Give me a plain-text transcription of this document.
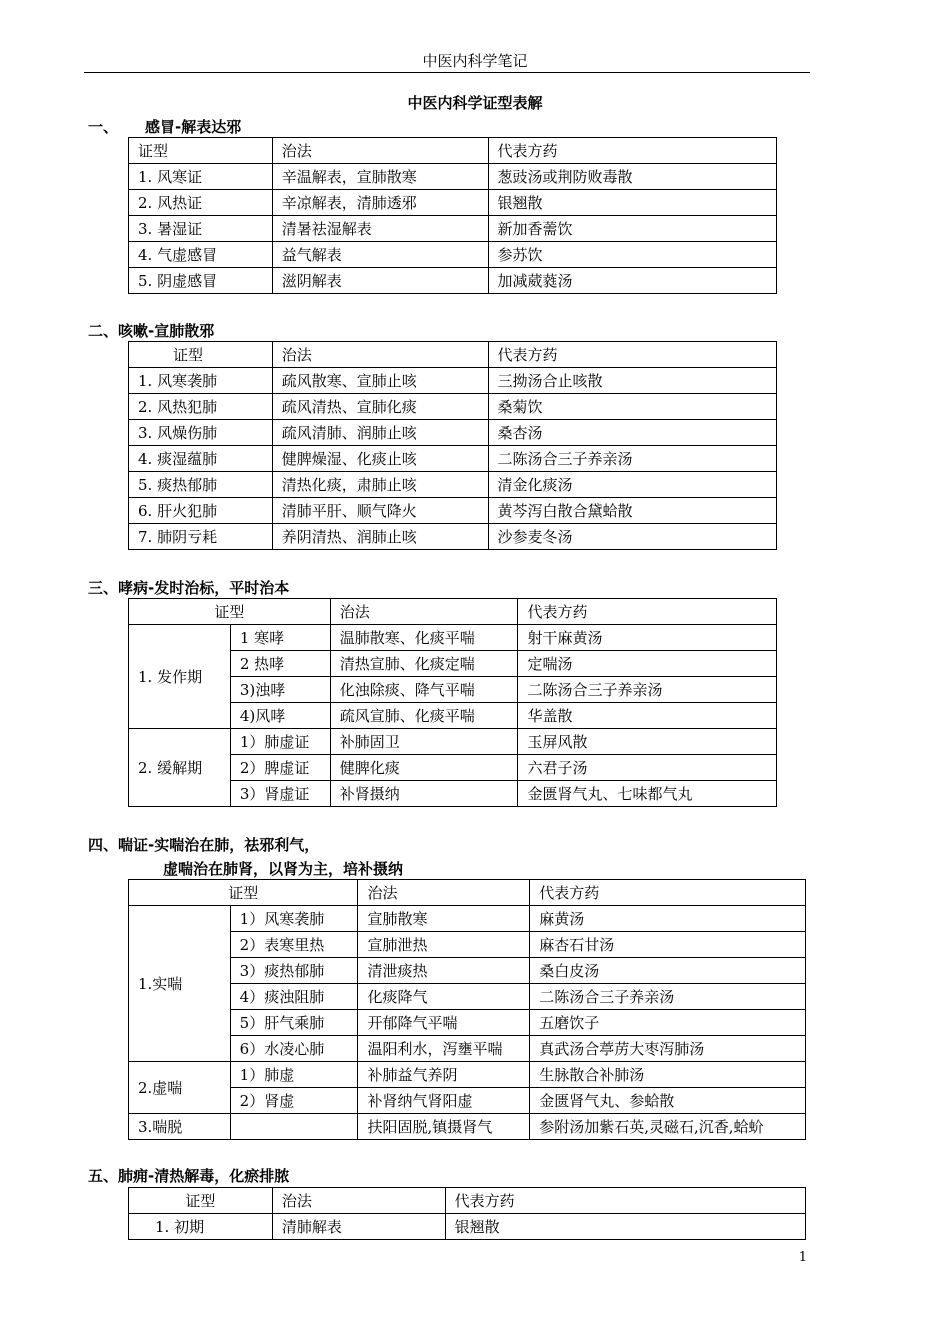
中医内科学笔记
中医内科学证型表解
一、 感冒-解表达邪
证型	治法	代表方药
1. 风寒证	辛温解表，宣肺散寒	葱豉汤或荆防败毒散
2. 风热证	辛凉解表，清肺透邪	银翘散
3. 暑湿证	清暑祛湿解表	新加香薷饮
4. 气虚感冒	益气解表	参苏饮
5. 阴虚感冒	滋阴解表	加减葳蕤汤
二、咳嗽-宣肺散邪
证型	治法	代表方药
1. 风寒袭肺	疏风散寒、宣肺止咳	三拗汤合止咳散
2. 风热犯肺	疏风清热、宣肺化痰	桑菊饮
3. 风燥伤肺	疏风清肺、润肺止咳	桑杏汤
4. 痰湿蕴肺	健脾燥湿、化痰止咳	二陈汤合三子养亲汤
5. 痰热郁肺	清热化痰，肃肺止咳	清金化痰汤
6. 肝火犯肺	清肺平肝、顺气降火	黄芩泻白散合黛蛤散
7. 肺阴亏耗	养阴清热、润肺止咳	沙参麦冬汤
三、哮病-发时治标，平时治本
证型		治法	代表方药
1. 发作期	1 寒哮	温肺散寒、化痰平喘	射干麻黄汤
	2 热哮	清热宣肺、化痰定喘	定喘汤
	3)浊哮	化浊除痰、降气平喘	二陈汤合三子养亲汤
	4)风哮	疏风宣肺、化痰平喘	华盖散
2. 缓解期	1）肺虚证	补肺固卫	玉屏风散
	2）脾虚证	健脾化痰	六君子汤
	3）肾虚证	补肾摄纳	金匮肾气丸、七味都气丸
四、喘证-实喘治在肺，祛邪利气，
虚喘治在肺肾，以肾为主，培补摄纳
证型		治法	代表方药
1.实喘	1）风寒袭肺	宣肺散寒	麻黄汤
	2）表寒里热	宣肺泄热	麻杏石甘汤
	3）痰热郁肺	清泄痰热	桑白皮汤
	4）痰浊阻肺	化痰降气	二陈汤合三子养亲汤
	5）肝气乘肺	开郁降气平喘	五磨饮子
	6）水凌心肺	温阳利水，泻壅平喘	真武汤合葶苈大枣泻肺汤
2.虚喘	1）肺虚	补肺益气养阴	生脉散合补肺汤
	2）肾虚	补肾纳气肾阳虚	金匮肾气丸、参蛤散
3.喘脱		扶阳固脱,镇摄肾气	参附汤加紫石英,灵磁石,沉香,蛤蚧
五、肺痈-清热解毒，化瘀排脓
证型	治法	代表方药
1. 初期	清肺解表	银翘散
1
